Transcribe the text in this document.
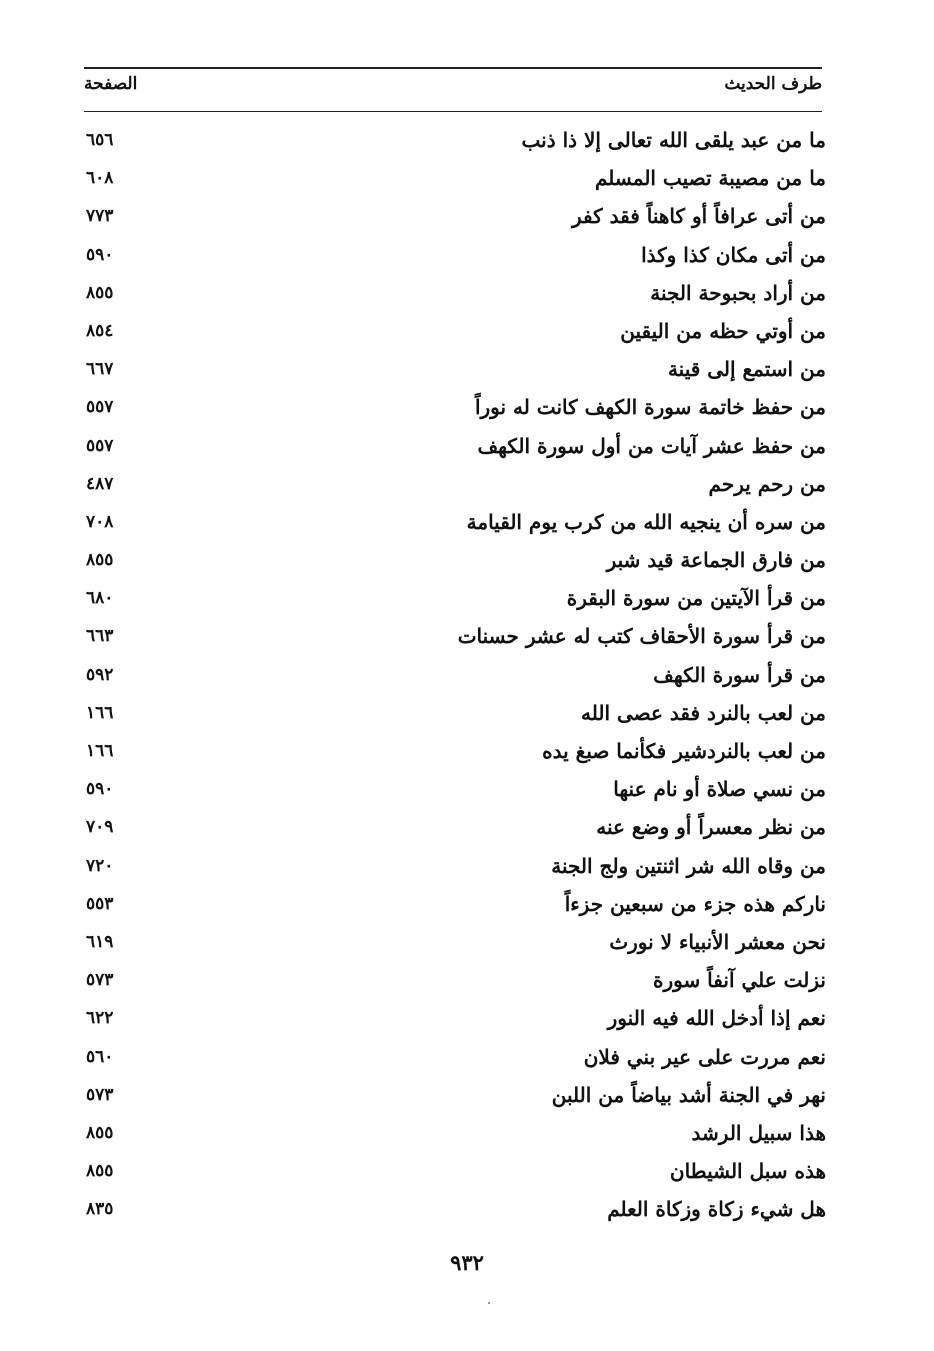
طرف الحديث
الصفحة
ما من عبد يلقى الله تعالى إلا ذا ذنب
٦٥٦
ما من مصيبة تصيب المسلم
٦٠٨
من أتى عرافاً أو كاهناً فقد كفر
٧٧٣
من أتى مكان كذا وكذا
٥٩٠
من أراد بحبوحة الجنة
٨٥٥
من أوتي حظه من اليقين
٨٥٤
من استمع إلى قينة
٦٦٧
من حفظ خاتمة سورة الكهف كانت له نوراً
٥٥٧
من حفظ عشر آيات من أول سورة الكهف
٥٥٧
من رحم يرحم
٤٨٧
من سره أن ينجيه الله من كرب يوم القيامة
٧٠٨
من فارق الجماعة قيد شبر
٨٥٥
من قرأ الآيتين من سورة البقرة
٦٨٠
من قرأ سورة الأحقاف كتب له عشر حسنات
٦٦٣
من قرأ سورة الكهف
٥٩٢
من لعب بالنرد فقد عصى الله
١٦٦
من لعب بالنردشير فكأنما صبغ يده
١٦٦
من نسي صلاة أو نام عنها
٥٩٠
من نظر معسراً أو وضع عنه
٧٠٩
من وقاه الله شر اثنتين ولج الجنة
٧٢٠
ناركم هذه جزء من سبعين جزءاً
٥٥٣
نحن معشر الأنبياء لا نورث
٦١٩
نزلت علي آنفاً سورة
٥٧٣
نعم إذا أدخل الله فيه النور
٦٢٢
نعم مررت على عير بني فلان
٥٦٠
نهر في الجنة أشد بياضاً من اللبن
٥٧٣
هذا سبيل الرشد
٨٥٥
هذه سبل الشيطان
٨٥٥
هل شيء زكاة وزكاة العلم
٨٣٥
٩٣٢
